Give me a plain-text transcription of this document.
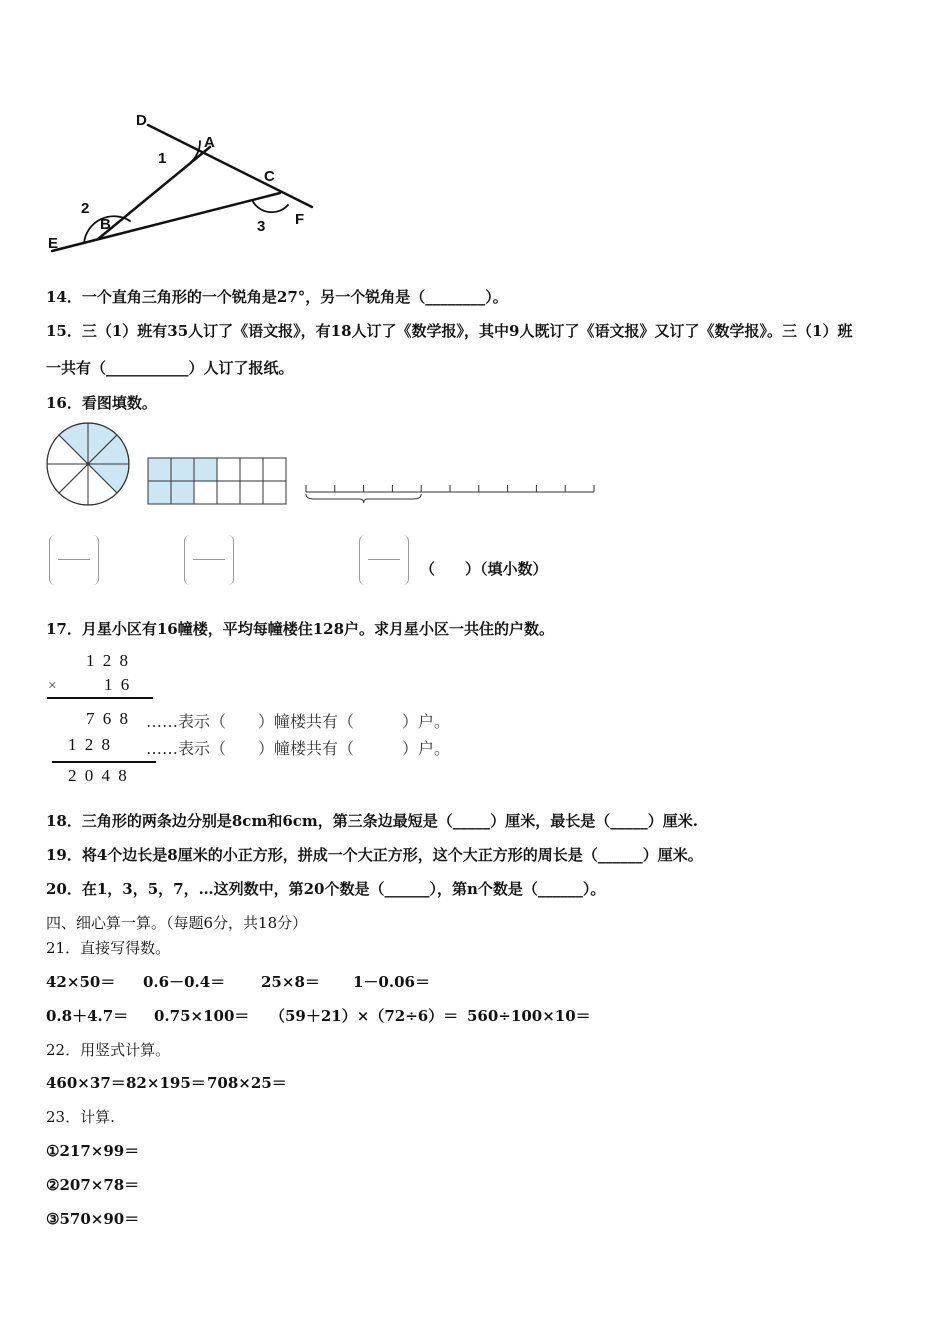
D
A
C
F
E
B
1
2
3
14．一个直角三角形的一个锐角是27°，另一个锐角是（________）。
15．三（1）班有35人订了《语文报》，有18人订了《数学报》，其中9人既订了《语文报》又订了《数学报》。三（1）班
一共有（___________）人订了报纸。
16．看图填数。
（　　）（填小数）
17．月星小区有16幢楼，平均每幢楼住128户。求月星小区一共住的户数。
1 2 8
×	1 6
7 6 8 ……表示（　　）幢楼共有（　　　）户。
1 2 8 ……表示（　　）幢楼共有（　　　）户。
2 0 4 8
18．三角形的两条边分别是8cm和6cm，第三条边最短是（_____）厘米，最长是（_____）厘米.
19．将4个边长是8厘米的小正方形，拼成一个大正方形，这个大正方形的周长是（______）厘米。
20．在1，3，5，7，…这列数中，第20个数是（______），第n个数是（______）。
四、细心算一算。（每题6分，共18分）
21．直接写得数。
42×50＝ 0.6－0.4＝ 25×8＝ 1－0.06＝
0.8＋4.7＝ 0.75×100＝ （59＋21）×（72÷6）＝ 560÷100×10＝
22．用竖式计算。
460×37＝ 82×195＝ 708×25＝
23．计算.
①217×99＝
②207×78＝
③570×90＝
